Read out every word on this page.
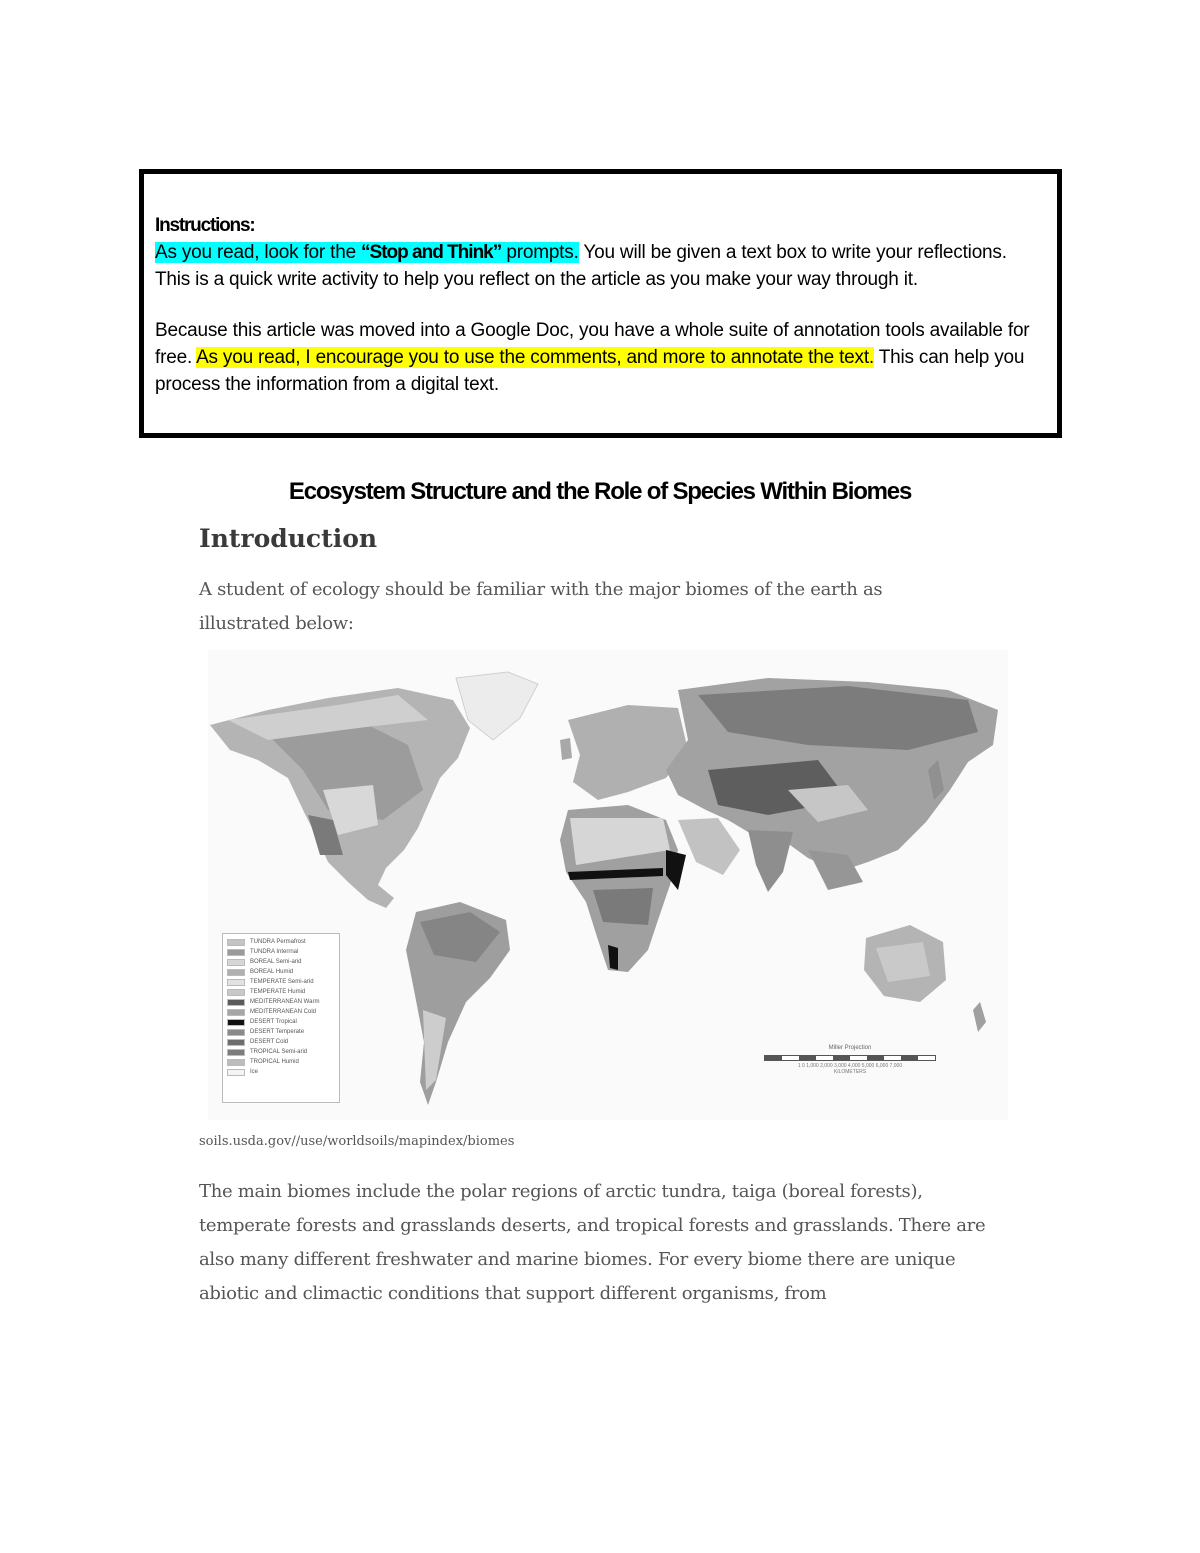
Instructions:

As you read, look for the “Stop and Think” prompts. You will be given a text box to write your reflections. This is a quick write activity to help you reflect on the article as you make your way through it.

Because this article was moved into a Google Doc, you have a whole suite of annotation tools available for free. As you read, I encourage you to use the comments, and more to annotate the text. This can help you process the information from a digital text.

Ecosystem Structure and the Role of Species Within Biomes
Introduction
A student of ecology should be familiar with the major biomes of the earth as illustrated below:
TUNDRA Permafrost
TUNDRA Interrnal
BOREAL Semi-arid
BOREAL Humid
TEMPERATE Semi-arid
TEMPERATE Humid
MEDITERRANEAN Warm
MEDITERRANEAN Cold
DESERT Tropical
DESERT Temperate
DESERT Cold
TROPICAL Semi-arid
TROPICAL Humid
Ice
Miller Projection
1 0 1,000 2,000 3,000 4,000 5,000 6,000 7,000
KILOMETERS
soils.usda.gov//use/worldsoils/mapindex/biomes
The main biomes include the polar regions of arctic tundra, taiga (boreal forests), temperate forests and grasslands deserts, and tropical forests and grasslands. There are also many different freshwater and marine biomes. For every biome there are unique abiotic and climactic conditions that support different organisms, from
